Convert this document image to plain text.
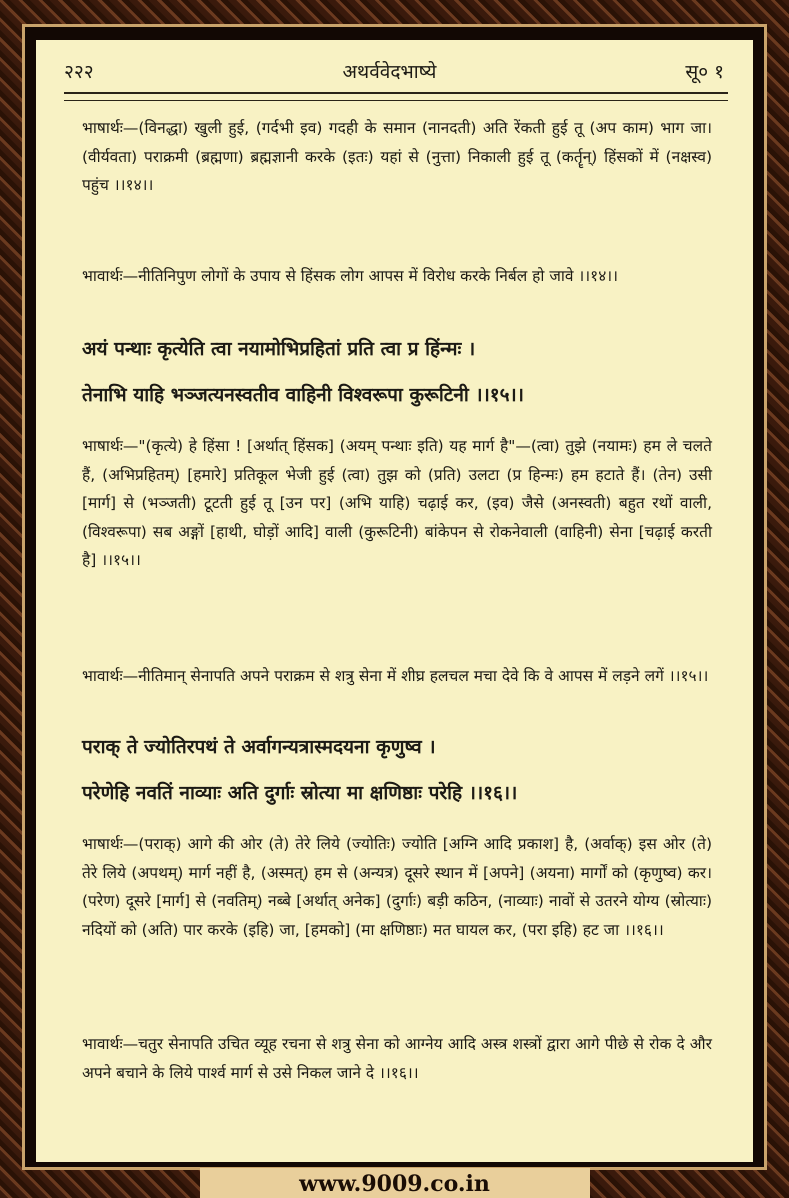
२२२	अथर्ववेदभाष्ये	सू० १
भाषार्थः—(विनद्धा) खुली हुई, (गर्दभी इव) गदही के समान (नानदती) अति रेंकती हुई तू (अप काम) भाग जा। (वीर्यवता) पराक्रमी (ब्रह्मणा) ब्रह्मज्ञानी करके (इतः) यहां से (नुत्ता) निकाली हुई तू (कर्तॄन्) हिंसकों में (नक्षस्व) पहुंच ।।१४।।
भावार्थः—नीतिनिपुण लोगों के उपाय से हिंसक लोग आपस में विरोध करके निर्बल हो जावे ।।१४।।
अयं पन्थाः कृत्येति त्वा नयामोभिप्रहितां प्रति त्वा प्र हिंन्मः ।
तेनाभि याहि भञ्जत्यनस्वतीव वाहिनी विश्वरूपा कुरूटिनी ।।१५।।
भाषार्थः—"(कृत्ये) हे हिंसा ! [अर्थात् हिंसक] (अयम् पन्थाः इति) यह मार्ग है"—(त्वा) तुझे (नयामः) हम ले चलते हैं, (अभिप्रहितम्) [हमारे] प्रतिकूल भेजी हुई (त्वा) तुझ को (प्रति) उलटा (प्र हिन्मः) हम हटाते हैं। (तेन) उसी [मार्ग] से (भञ्जती) टूटती हुई तू [उन पर] (अभि याहि) चढ़ाई कर, (इव) जैसे (अनस्वती) बहुत रथों वाली, (विश्वरूपा) सब अङ्गों [हाथी, घोड़ों आदि] वाली (कुरूटिनी) बांकेपन से रोकनेवाली (वाहिनी) सेना [चढ़ाई करती है] ।।१५।।
भावार्थः—नीतिमान् सेनापति अपने पराक्रम से शत्रु सेना में शीघ्र हलचल मचा देवे कि वे आपस में लड़ने लगें ।।१५।।
पराक् ते ज्योतिरपथं ते अर्वागन्यत्रास्मदयना कृणुष्व ।
परेणेहि नवतिं नाव्याः अति दुर्गाः स्रोत्या मा क्षणिष्ठाः परेहि ।।१६।।
भाषार्थः—(पराक्) आगे की ओर (ते) तेरे लिये (ज्योतिः) ज्योति [अग्नि आदि प्रकाश] है, (अर्वाक्) इस ओर (ते) तेरे लिये (अपथम्) मार्ग नहीं है, (अस्मत्) हम से (अन्यत्र) दूसरे स्थान में [अपने] (अयना) मार्गों को (कृणुष्व) कर। (परेण) दूसरे [मार्ग] से (नवतिम्) नब्बे [अर्थात् अनेक] (दुर्गाः) बड़ी कठिन, (नाव्याः) नावों से उतरने योग्य (स्रोत्याः) नदियों को (अति) पार करके (इहि) जा, [हमको] (मा क्षणिष्ठाः) मत घायल कर, (परा इहि) हट जा ।।१६।।
भावार्थः—चतुर सेनापति उचित व्यूह रचना से शत्रु सेना को आग्नेय आदि अस्त्र शस्त्रों द्वारा आगे पीछे से रोक दे और अपने बचाने के लिये पार्श्व मार्ग से उसे निकल जाने दे ।।१६।।
www.9009.co.in
